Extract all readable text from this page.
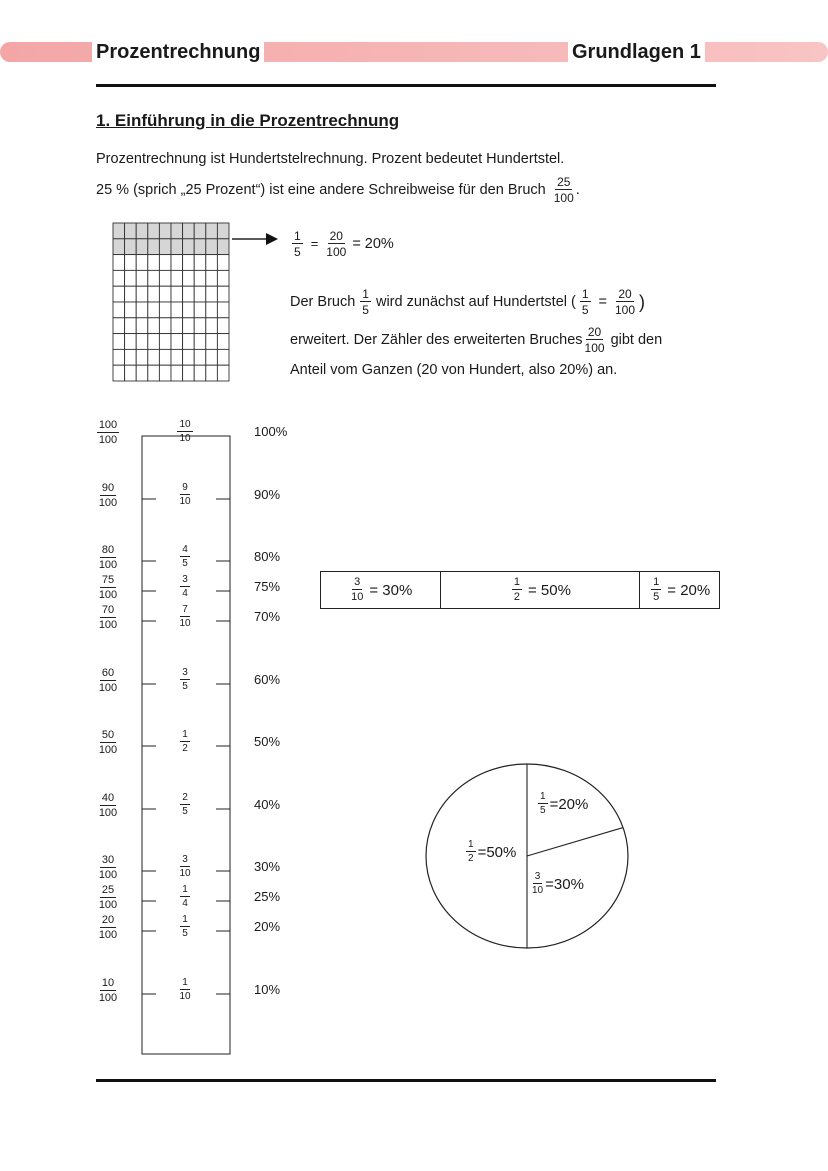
Prozentrechnung	Grundlagen 1
1. Einführung in die Prozentrechnung
Prozentrechnung ist Hundertstelrechnung. Prozent bedeutet Hundertstel.
25 % (sprich „25 Prozent“) ist eine andere Schreibweise für den Bruch $\frac{25}{100}$ .
$\frac{1}{5} = \frac{20}{100} = 20\%$
Der Bruch $\frac{1}{5}$ wird zunächst auf Hundertstel ( $\frac{1}{5} = \frac{20}{100}$ )
erweitert. Der Zähler des erweiterten Bruches $\frac{20}{100}$ gibt den
Anteil vom Ganzen (20 von Hundert, also 20%) an.
$\frac{100}{100}$	$\frac{10}{10}$	100%
$\frac{90}{100}$	$\frac{9}{10}$	90%
$\frac{80}{100}$	$\frac{4}{5}$	80%
$\frac{75}{100}$	$\frac{3}{4}$	75%
$\frac{70}{100}$	$\frac{7}{10}$	70%
$\frac{60}{100}$	$\frac{3}{5}$	60%
$\frac{50}{100}$	$\frac{1}{2}$	50%
$\frac{40}{100}$	$\frac{2}{5}$	40%
$\frac{30}{100}$	$\frac{3}{10}$	30%
$\frac{25}{100}$	$\frac{1}{4}$	25%
$\frac{20}{100}$	$\frac{1}{5}$	20%
$\frac{10}{100}$	$\frac{1}{10}$	10%
$\frac{3}{10} = 30\%$	$\frac{1}{2} = 50\%$	$\frac{1}{5} = 20\%$
$\frac{1}{2} =50\%$
$\frac{1}{5} =20\%$
$\frac{3}{10} =30\%$
